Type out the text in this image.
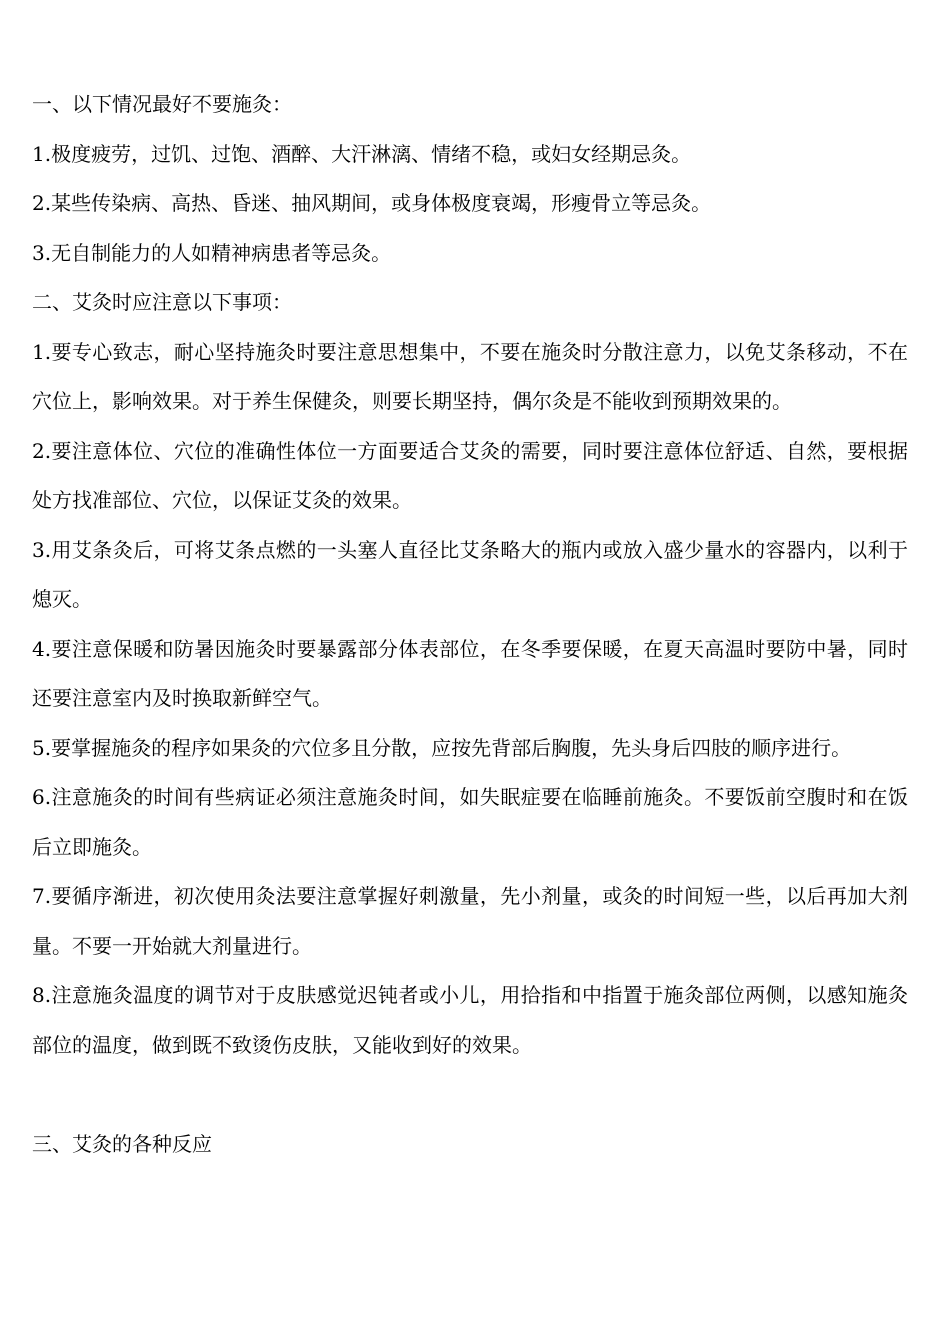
一、以下情况最好不要施灸：

1.极度疲劳，过饥、过饱、酒醉、大汗淋漓、情绪不稳，或妇女经期忌灸。

2.某些传染病、高热、昏迷、抽风期间，或身体极度衰竭，形瘦骨立等忌灸。

3.无自制能力的人如精神病患者等忌灸。

二、艾灸时应注意以下事项：

1.要专心致志，耐心坚持施灸时要注意思想集中，不要在施灸时分散注意力，以免艾条移动，不在穴位上，影响效果。对于养生保健灸，则要长期坚持，偶尔灸是不能收到预期效果的。

2.要注意体位、穴位的准确性体位一方面要适合艾灸的需要，同时要注意体位舒适、自然，要根据处方找准部位、穴位，以保证艾灸的效果。

3.用艾条灸后，可将艾条点燃的一头塞人直径比艾条略大的瓶内或放入盛少量水的容器内，以利于熄灭。

4.要注意保暖和防暑因施灸时要暴露部分体表部位，在冬季要保暖，在夏天高温时要防中暑，同时还要注意室内及时换取新鲜空气。

5.要掌握施灸的程序如果灸的穴位多且分散，应按先背部后胸腹，先头身后四肢的顺序进行。

6.注意施灸的时间有些病证必须注意施灸时间，如失眠症要在临睡前施灸。不要饭前空腹时和在饭后立即施灸。

7.要循序渐进，初次使用灸法要注意掌握好刺激量，先小剂量，或灸的时间短一些，以后再加大剂量。不要一开始就大剂量进行。

8.注意施灸温度的调节对于皮肤感觉迟钝者或小儿，用拾指和中指置于施灸部位两侧，以感知施灸部位的温度，做到既不致烫伤皮肤，又能收到好的效果。

三、艾灸的各种反应
